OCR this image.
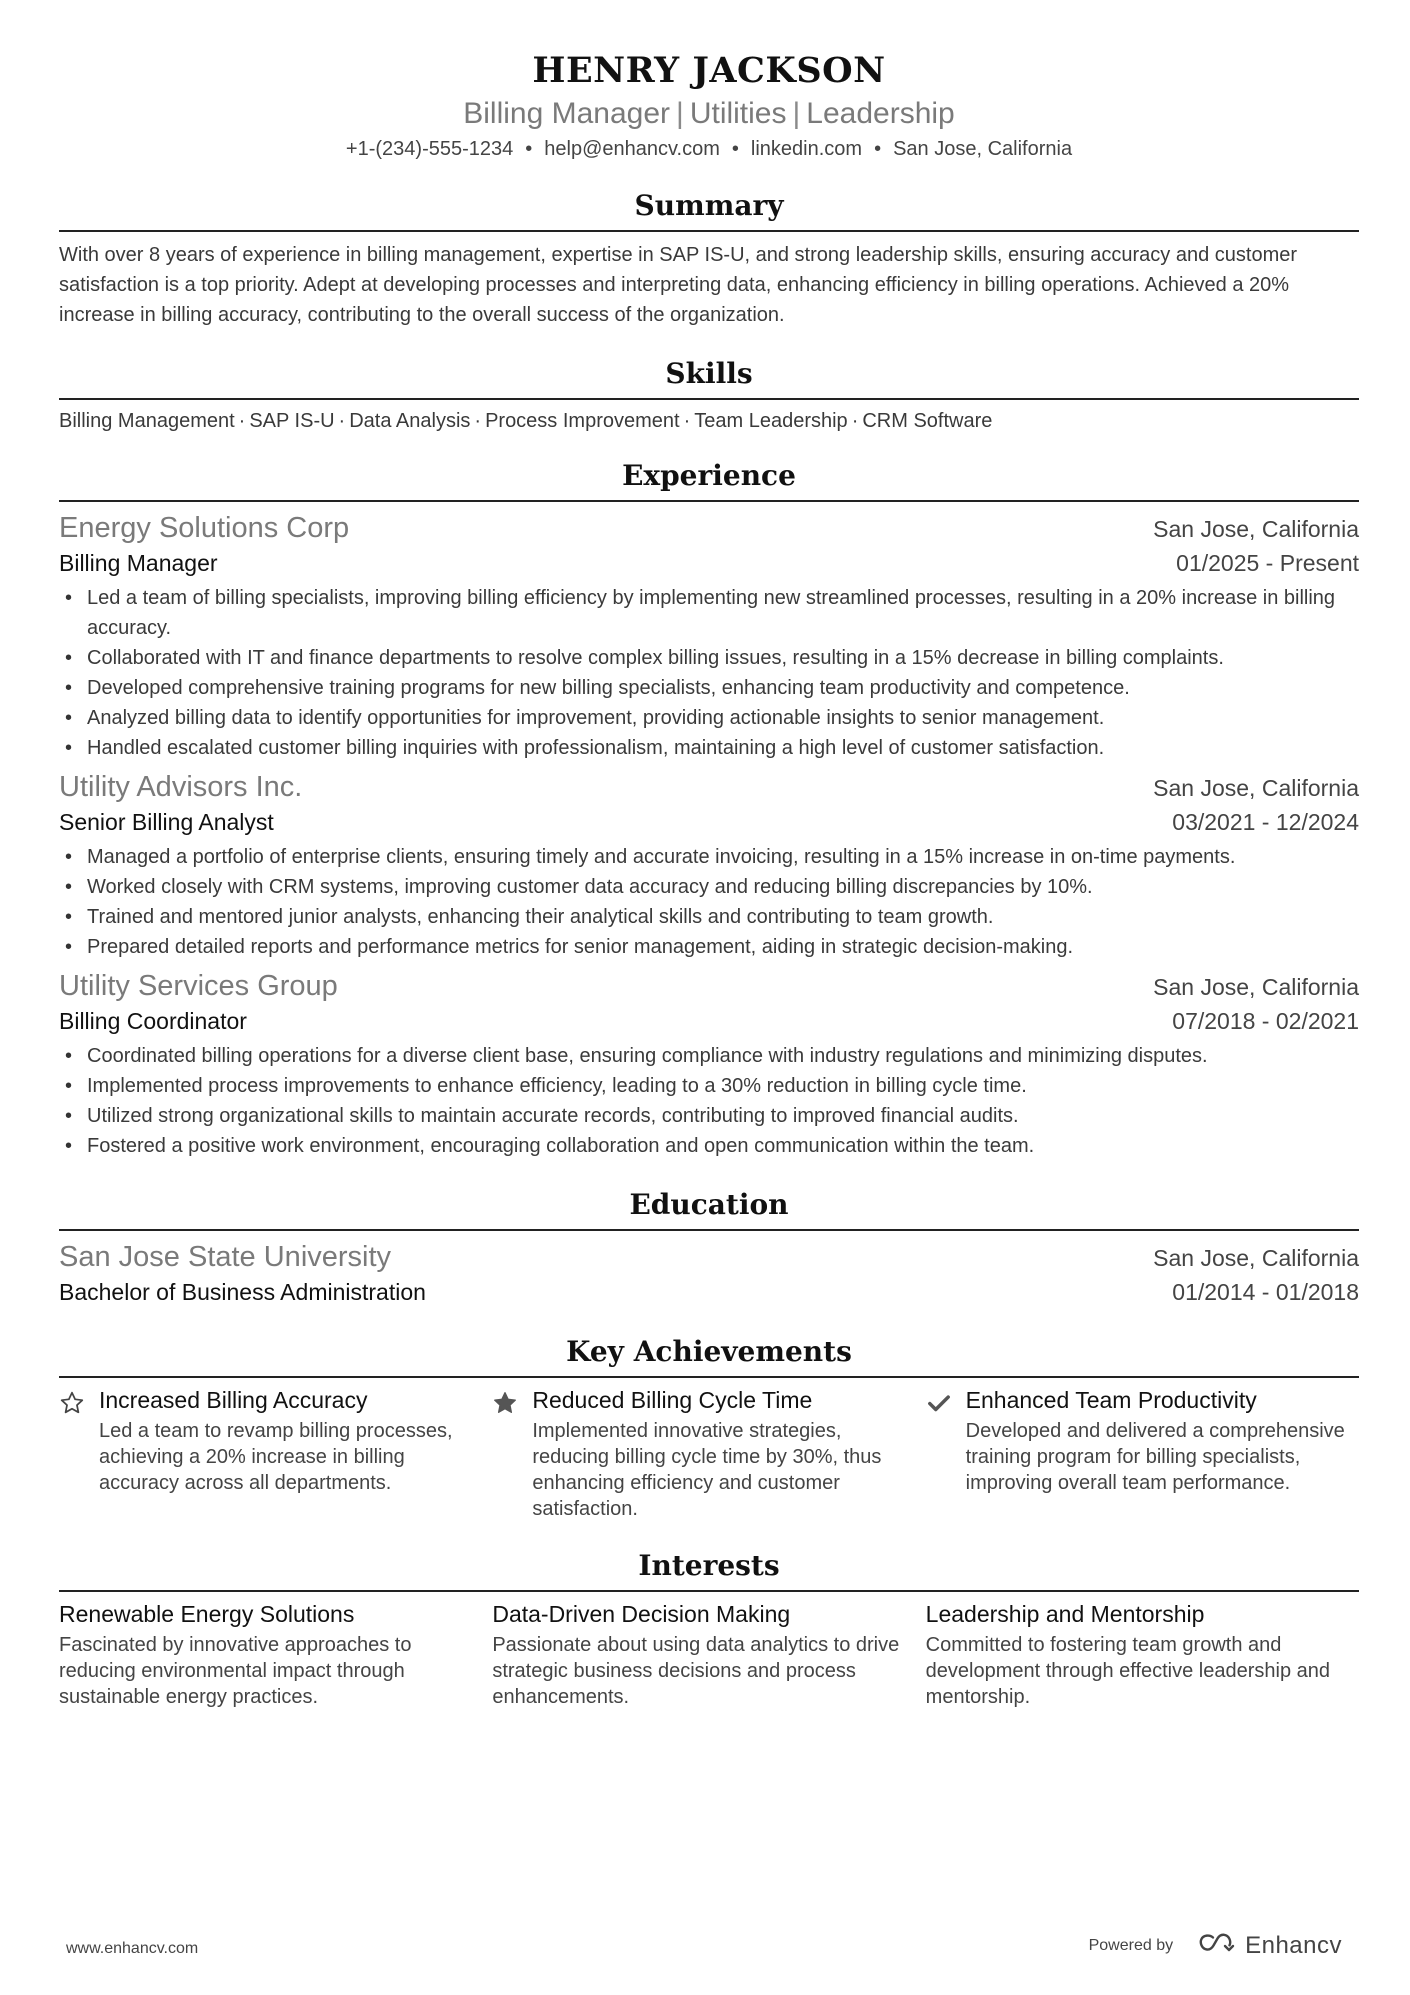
HENRY JACKSON
Billing Manager | Utilities | Leadership
+1-(234)-555-1234 • help@enhancv.com • linkedin.com • San Jose, California
Summary
With over 8 years of experience in billing management, expertise in SAP IS-U, and strong leadership skills, ensuring accuracy and customer satisfaction is a top priority. Adept at developing processes and interpreting data, enhancing efficiency in billing operations. Achieved a 20% increase in billing accuracy, contributing to the overall success of the organization.
Skills
Billing Management · SAP IS-U · Data Analysis · Process Improvement · Team Leadership · CRM Software
Experience
Energy Solutions Corp	San Jose, California
Billing Manager	01/2025 - Present
• Led a team of billing specialists, improving billing efficiency by implementing new streamlined processes, resulting in a 20% increase in billing accuracy.
• Collaborated with IT and finance departments to resolve complex billing issues, resulting in a 15% decrease in billing complaints.
• Developed comprehensive training programs for new billing specialists, enhancing team productivity and competence.
• Analyzed billing data to identify opportunities for improvement, providing actionable insights to senior management.
• Handled escalated customer billing inquiries with professionalism, maintaining a high level of customer satisfaction.
Utility Advisors Inc.	San Jose, California
Senior Billing Analyst	03/2021 - 12/2024
• Managed a portfolio of enterprise clients, ensuring timely and accurate invoicing, resulting in a 15% increase in on-time payments.
• Worked closely with CRM systems, improving customer data accuracy and reducing billing discrepancies by 10%.
• Trained and mentored junior analysts, enhancing their analytical skills and contributing to team growth.
• Prepared detailed reports and performance metrics for senior management, aiding in strategic decision-making.
Utility Services Group	San Jose, California
Billing Coordinator	07/2018 - 02/2021
• Coordinated billing operations for a diverse client base, ensuring compliance with industry regulations and minimizing disputes.
• Implemented process improvements to enhance efficiency, leading to a 30% reduction in billing cycle time.
• Utilized strong organizational skills to maintain accurate records, contributing to improved financial audits.
• Fostered a positive work environment, encouraging collaboration and open communication within the team.
Education
San Jose State University	San Jose, California
Bachelor of Business Administration	01/2014 - 01/2018
Key Achievements
Increased Billing Accuracy
Led a team to revamp billing processes, achieving a 20% increase in billing accuracy across all departments.
Reduced Billing Cycle Time
Implemented innovative strategies, reducing billing cycle time by 30%, thus enhancing efficiency and customer satisfaction.
Enhanced Team Productivity
Developed and delivered a comprehensive training program for billing specialists, improving overall team performance.
Interests
Renewable Energy Solutions
Fascinated by innovative approaches to reducing environmental impact through sustainable energy practices.
Data-Driven Decision Making
Passionate about using data analytics to drive strategic business decisions and process enhancements.
Leadership and Mentorship
Committed to fostering team growth and development through effective leadership and mentorship.
www.enhancv.com	Powered by	Enhancv
